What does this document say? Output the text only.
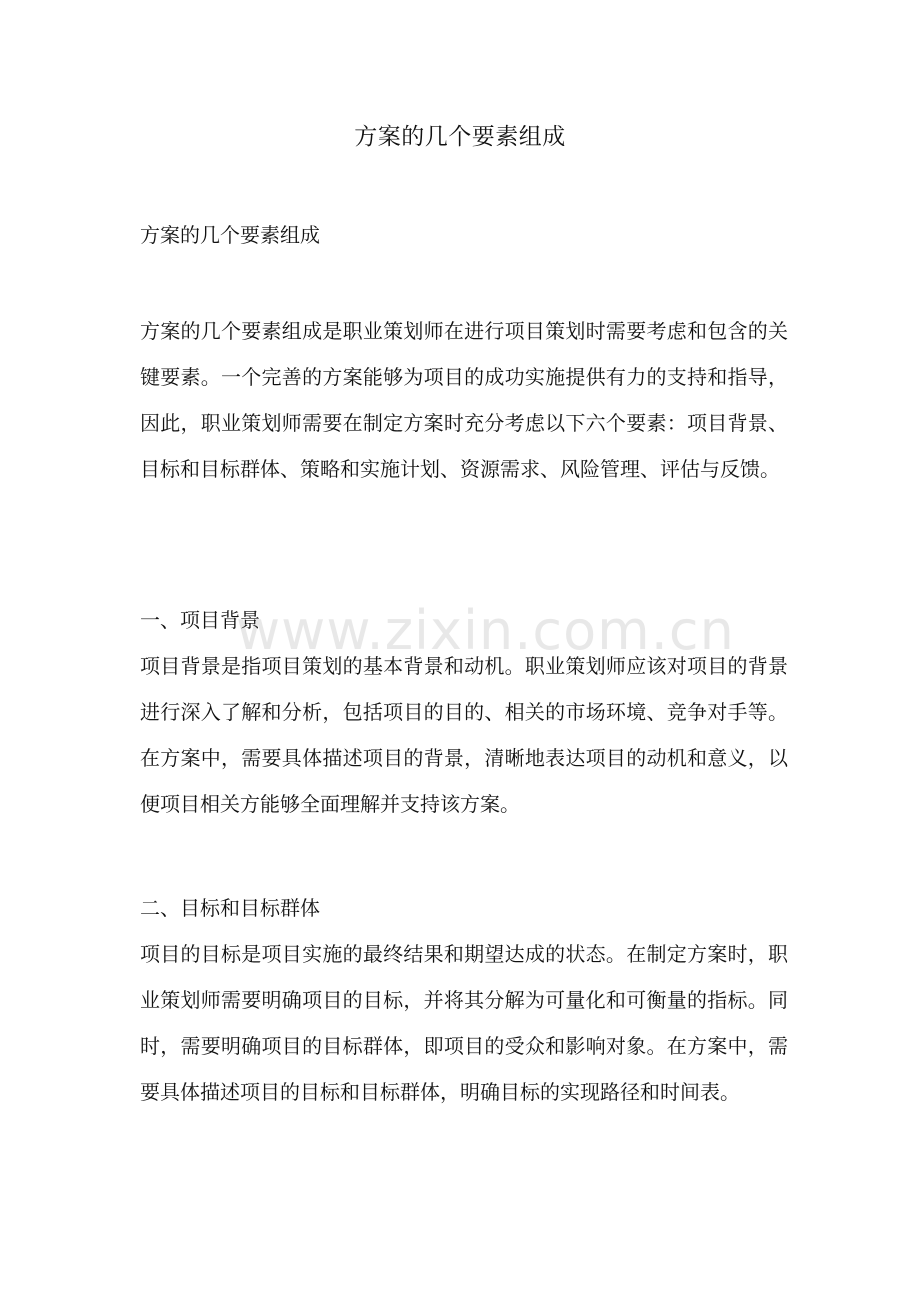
方案的几个要素组成

方案的几个要素组成

方案的几个要素组成是职业策划师在进行项目策划时需要考虑和包含的关键要素。一个完善的方案能够为项目的成功实施提供有力的支持和指导，因此，职业策划师需要在制定方案时充分考虑以下六个要素：项目背景、目标和目标群体、策略和实施计划、资源需求、风险管理、评估与反馈。

一、项目背景

项目背景是指项目策划的基本背景和动机。职业策划师应该对项目的背景进行深入了解和分析，包括项目的目的、相关的市场环境、竞争对手等。在方案中，需要具体描述项目的背景，清晰地表达项目的动机和意义，以便项目相关方能够全面理解并支持该方案。

二、目标和目标群体

项目的目标是项目实施的最终结果和期望达成的状态。在制定方案时，职业策划师需要明确项目的目标，并将其分解为可量化和可衡量的指标。同时，需要明确项目的目标群体，即项目的受众和影响对象。在方案中，需要具体描述项目的目标和目标群体，明确目标的实现路径和时间表。

www.zixin.com.cn
